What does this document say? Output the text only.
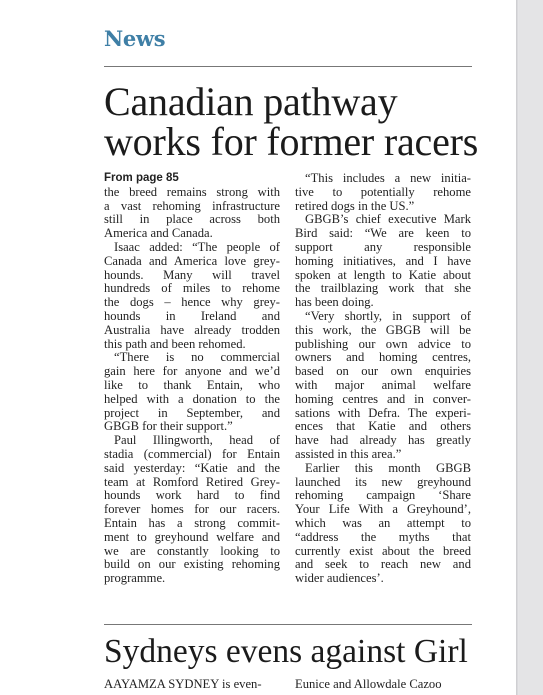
News
Canadian pathway
works for former racers
From page 85
the breed remains strong with
a vast rehoming infrastructure
still in place across both
America and Canada.
Isaac added: “The people of
Canada and America love grey-
hounds. Many will travel
hundreds of miles to rehome
the dogs – hence why grey-
hounds in Ireland and
Australia have already trodden
this path and been rehomed.
“There is no commercial
gain here for anyone and we’d
like to thank Entain, who
helped with a donation to the
project in September, and
GBGB for their support.”
Paul Illingworth, head of
stadia (commercial) for Entain
said yesterday: “Katie and the
team at Romford Retired Grey-
hounds work hard to find
forever homes for our racers.
Entain has a strong commit-
ment to greyhound welfare and
we are constantly looking to
build on our existing rehoming
programme.
“This includes a new initia-
tive to potentially rehome
retired dogs in the US.”
GBGB’s chief executive Mark
Bird said: “We are keen to
support any responsible
homing initiatives, and I have
spoken at length to Katie about
the trailblazing work that she
has been doing.
“Very shortly, in support of
this work, the GBGB will be
publishing our own advice to
owners and homing centres,
based on our own enquiries
with major animal welfare
homing centres and in conver-
sations with Defra. The experi-
ences that Katie and others
have had already has greatly
assisted in this area.”
Earlier this month GBGB
launched its new greyhound
rehoming campaign ‘Share
Your Life With a Greyhound’,
which was an attempt to
“address the myths that
currently exist about the breed
and seek to reach new and
wider audiences’.
Sydneys evens against Girl
AAYAMZA SYDNEY is even-	Eunice and Allowdale Cazoo
